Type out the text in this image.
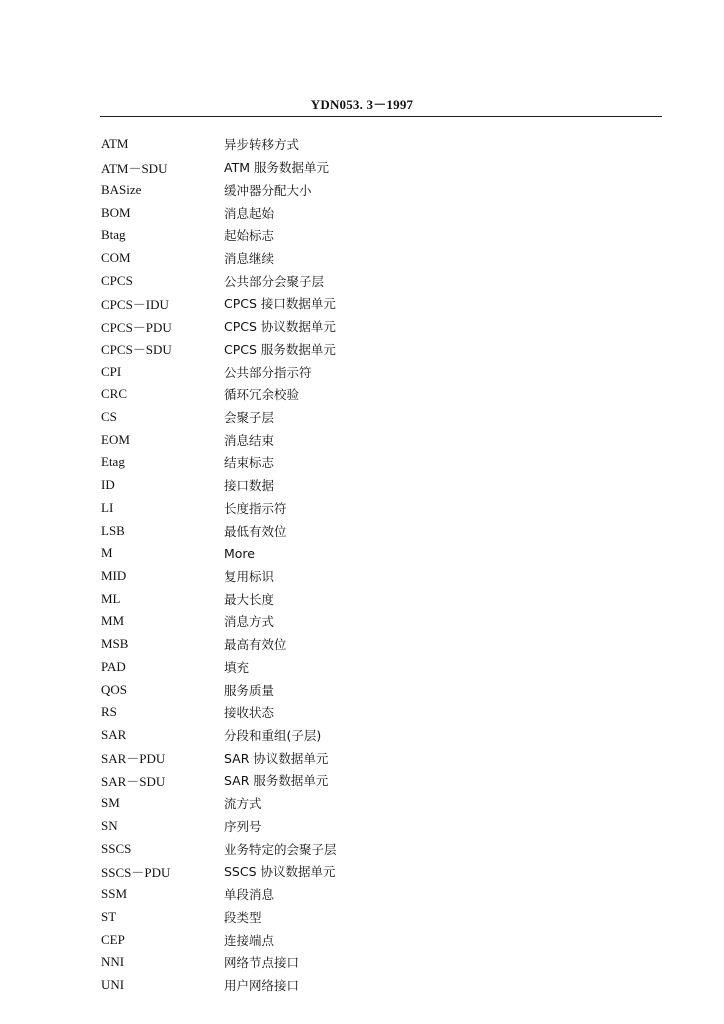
YDN053. 3－1997
ATM	异步转移方式
ATM－SDU	ATM 服务数据单元
BASize	缓冲器分配大小
BOM	消息起始
Btag	起始标志
COM	消息继续
CPCS	公共部分会聚子层
CPCS－IDU	CPCS 接口数据单元
CPCS－PDU	CPCS 协议数据单元
CPCS－SDU	CPCS 服务数据单元
CPI	公共部分指示符
CRC	循环冗余校验
CS	会聚子层
EOM	消息结束
Etag	结束标志
ID	接口数据
LI	长度指示符
LSB	最低有效位
M	More
MID	复用标识
ML	最大长度
MM	消息方式
MSB	最高有效位
PAD	填充
QOS	服务质量
RS	接收状态
SAR	分段和重组(子层)
SAR－PDU	SAR 协议数据单元
SAR－SDU	SAR 服务数据单元
SM	流方式
SN	序列号
SSCS	业务特定的会聚子层
SSCS－PDU	SSCS 协议数据单元
SSM	单段消息
ST	段类型
CEP	连接端点
NNI	网络节点接口
UNI	用户网络接口
